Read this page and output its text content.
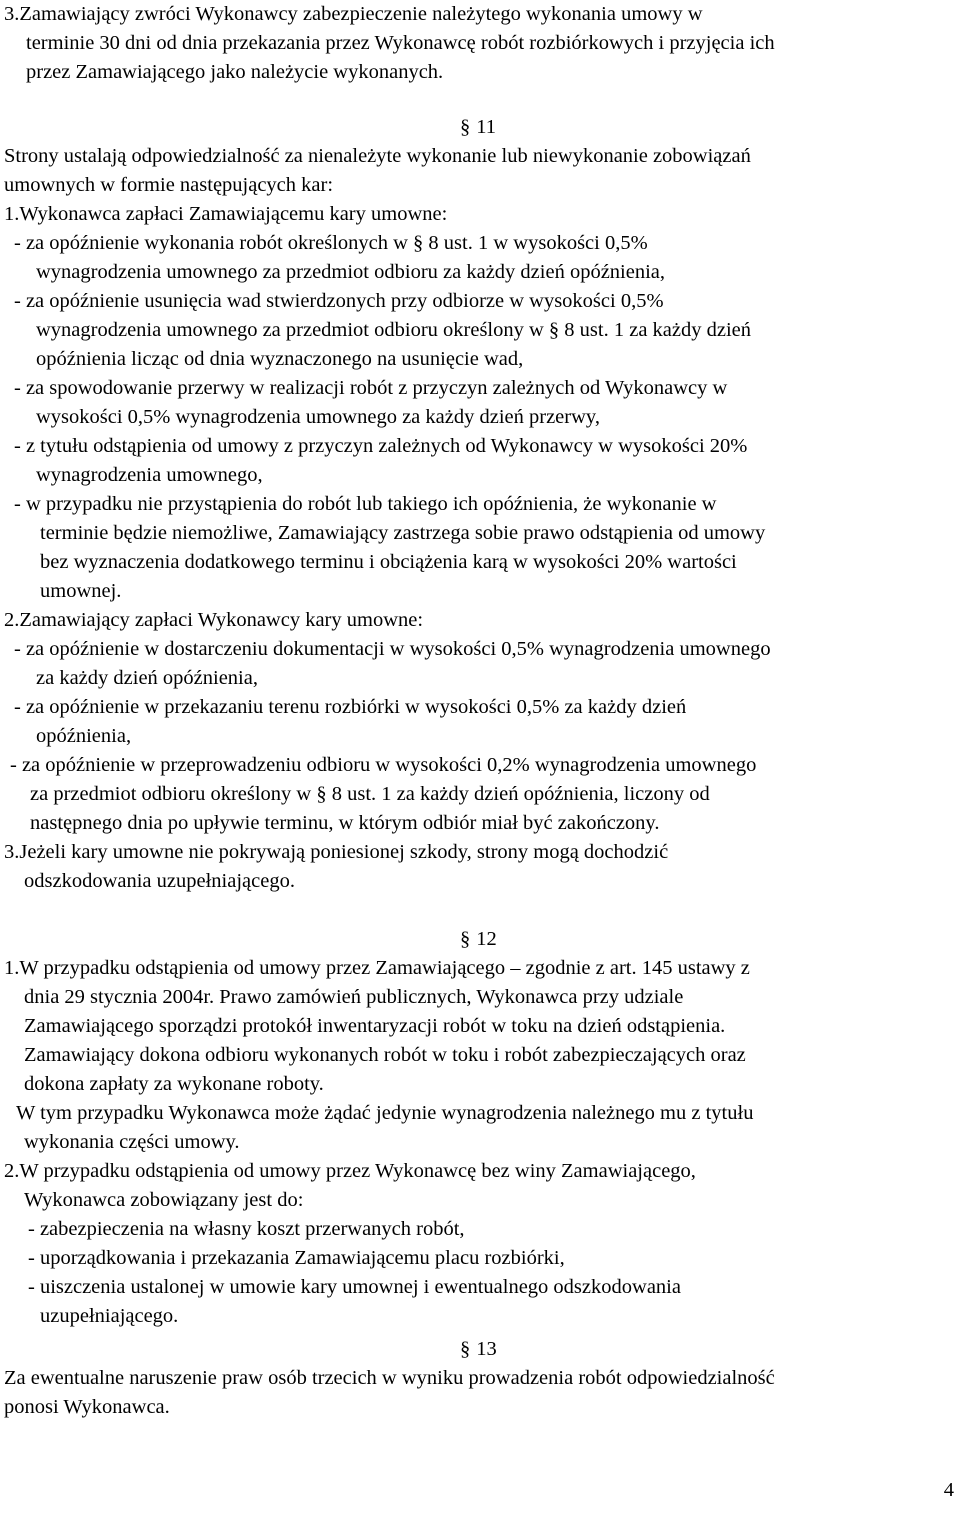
3.Zamawiający zwróci Wykonawcy zabezpieczenie należytego wykonania umowy w
terminie 30 dni od dnia przekazania przez Wykonawcę robót rozbiórkowych i przyjęcia ich
przez Zamawiającego jako należycie wykonanych.
§ 11
Strony ustalają odpowiedzialność za nienależyte wykonanie lub niewykonanie zobowiązań
umownych w formie następujących kar:
1.Wykonawca zapłaci Zamawiającemu kary umowne:
- za opóźnienie wykonania robót określonych w § 8 ust. 1 w wysokości 0,5%
wynagrodzenia umownego za przedmiot odbioru za każdy dzień opóźnienia,
- za opóźnienie usunięcia wad stwierdzonych przy odbiorze w wysokości 0,5%
wynagrodzenia umownego za przedmiot odbioru określony w § 8 ust. 1 za każdy dzień
opóźnienia licząc od dnia wyznaczonego na usunięcie wad,
- za spowodowanie przerwy w realizacji robót z przyczyn zależnych od Wykonawcy w
wysokości 0,5% wynagrodzenia umownego za każdy dzień przerwy,
- z tytułu odstąpienia od umowy z przyczyn zależnych od Wykonawcy w wysokości 20%
wynagrodzenia umownego,
- w przypadku nie przystąpienia do robót lub takiego ich opóźnienia, że wykonanie w
terminie będzie niemożliwe, Zamawiający zastrzega sobie prawo odstąpienia od umowy
bez wyznaczenia dodatkowego terminu i obciążenia karą w wysokości 20% wartości
umownej.
2.Zamawiający zapłaci Wykonawcy kary umowne:
- za opóźnienie w dostarczeniu dokumentacji w wysokości 0,5% wynagrodzenia umownego
za każdy dzień opóźnienia,
- za opóźnienie w przekazaniu terenu rozbiórki w wysokości 0,5% za każdy dzień
opóźnienia,
- za opóźnienie w przeprowadzeniu odbioru w wysokości 0,2% wynagrodzenia umownego
za przedmiot odbioru określony w § 8 ust. 1 za każdy dzień opóźnienia, liczony od
następnego dnia po upływie terminu, w którym odbiór miał być zakończony.
3.Jeżeli kary umowne nie pokrywają poniesionej szkody, strony mogą dochodzić
odszkodowania uzupełniającego.
§ 12
1.W przypadku odstąpienia od umowy przez Zamawiającego – zgodnie z art. 145 ustawy z
dnia 29 stycznia 2004r. Prawo zamówień publicznych, Wykonawca przy udziale
Zamawiającego sporządzi protokół inwentaryzacji robót w toku na dzień odstąpienia.
Zamawiający dokona odbioru wykonanych robót w toku i robót zabezpieczających oraz
dokona zapłaty za wykonane roboty.
W tym przypadku Wykonawca może żądać jedynie wynagrodzenia należnego mu z tytułu
wykonania części umowy.
2.W przypadku odstąpienia od umowy przez Wykonawcę bez winy Zamawiającego,
Wykonawca zobowiązany jest do:
- zabezpieczenia na własny koszt przerwanych robót,
- uporządkowania i przekazania Zamawiającemu placu rozbiórki,
- uiszczenia ustalonej w umowie kary umownej i ewentualnego odszkodowania
uzupełniającego.
§ 13
Za ewentualne naruszenie praw osób trzecich w wyniku prowadzenia robót odpowiedzialność
ponosi Wykonawca.
4
